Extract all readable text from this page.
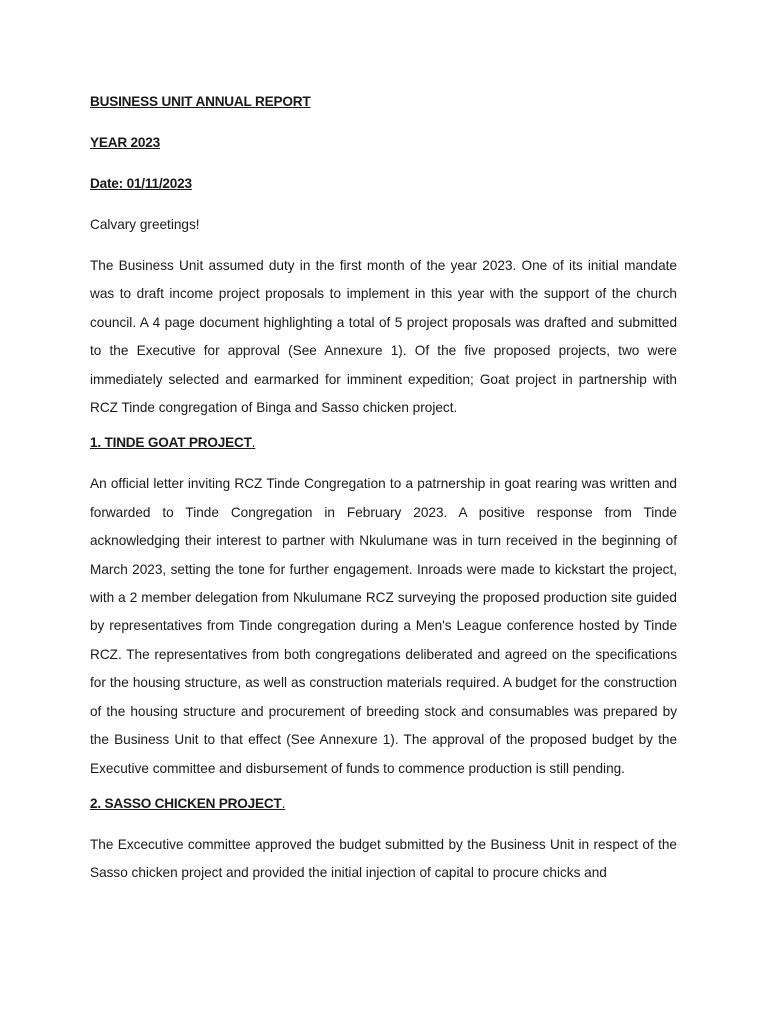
BUSINESS UNIT ANNUAL REPORT

YEAR 2023

Date: 01/11/2023

Calvary greetings!

The Business Unit assumed duty in the first month of the year 2023. One of its initial mandate was to draft income project proposals to implement in this year with the support of the church council. A 4 page document highlighting a total of 5 project proposals was drafted and submitted to the Executive for approval (See Annexure 1). Of the five proposed projects, two were immediately selected and earmarked for imminent expedition; Goat project in partnership with RCZ Tinde congregation of Binga and Sasso chicken project.

1. TINDE GOAT PROJECT.

An official letter inviting RCZ Tinde Congregation to a patrnership in goat rearing was written and forwarded to Tinde Congregation in February 2023. A positive response from Tinde acknowledging their interest to partner with Nkulumane was in turn received in the beginning of March 2023, setting the tone for further engagement. Inroads were made to kickstart the project, with a 2 member delegation from Nkulumane RCZ surveying the proposed production site guided by representatives from Tinde congregation during a Men's League conference hosted by Tinde RCZ. The representatives from both congregations deliberated and agreed on the specifications for the housing structure, as well as construction materials required. A budget for the construction of the housing structure and procurement of breeding stock and consumables was prepared by the Business Unit to that effect (See Annexure 1). The approval of the proposed budget by the Executive committee and disbursement of funds to commence production is still pending.

2. SASSO CHICKEN PROJECT.

The Excecutive committee approved the budget submitted by the Business Unit in respect of the Sasso chicken project and provided the initial injection of capital to procure chicks and
